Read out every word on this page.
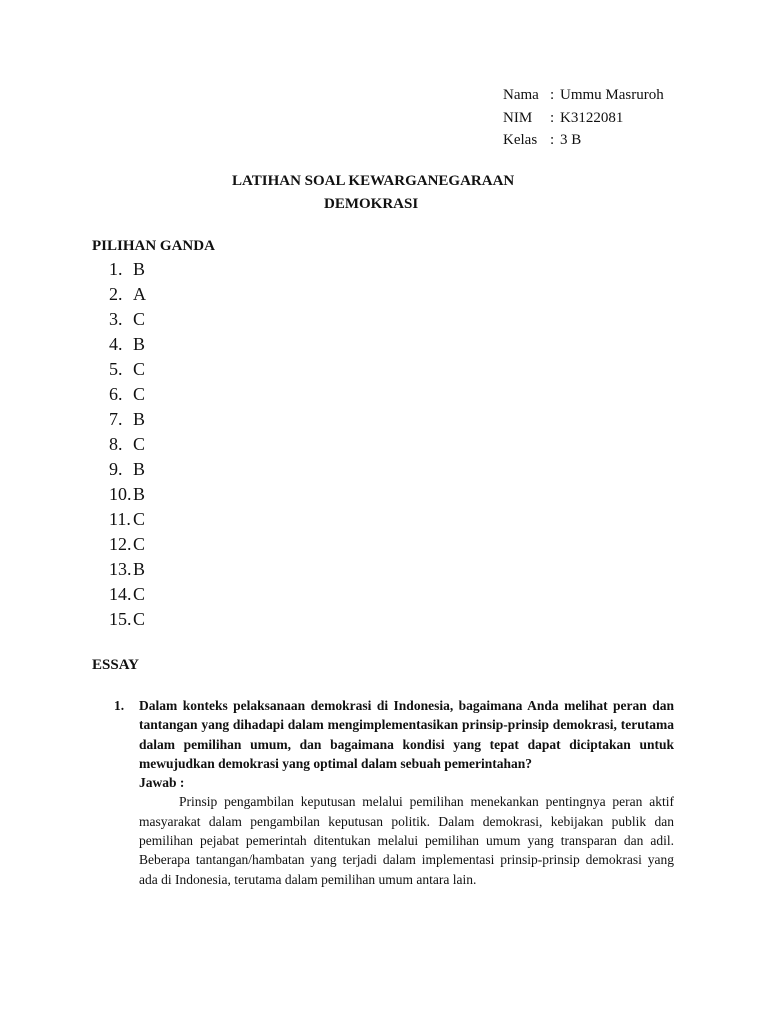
Nama : Ummu Masruroh
NIM	: K3122081
Kelas : 3 B
LATIHAN SOAL KEWARGANEGARAAN
DEMOKRASI
PILIHAN GANDA
1. B
2. A
3. C
4. B
5. C
6. C
7. B
8. C
9. B
10. B
11. C
12. C
13. B
14. C
15. C
ESSAY
1. Dalam konteks pelaksanaan demokrasi di Indonesia, bagaimana Anda melihat peran dan tantangan yang dihadapi dalam mengimplementasikan prinsip-prinsip demokrasi, terutama dalam pemilihan umum, dan bagaimana kondisi yang tepat dapat diciptakan untuk mewujudkan demokrasi yang optimal dalam sebuah pemerintahan?
Jawab :

Prinsip pengambilan keputusan melalui pemilihan menekankan pentingnya peran aktif masyarakat dalam pengambilan keputusan politik. Dalam demokrasi, kebijakan publik dan pemilihan pejabat pemerintah ditentukan melalui pemilihan umum yang transparan dan adil. Beberapa tantangan/hambatan yang terjadi dalam implementasi prinsip-prinsip demokrasi yang ada di Indonesia, terutama dalam pemilihan umum antara lain.
